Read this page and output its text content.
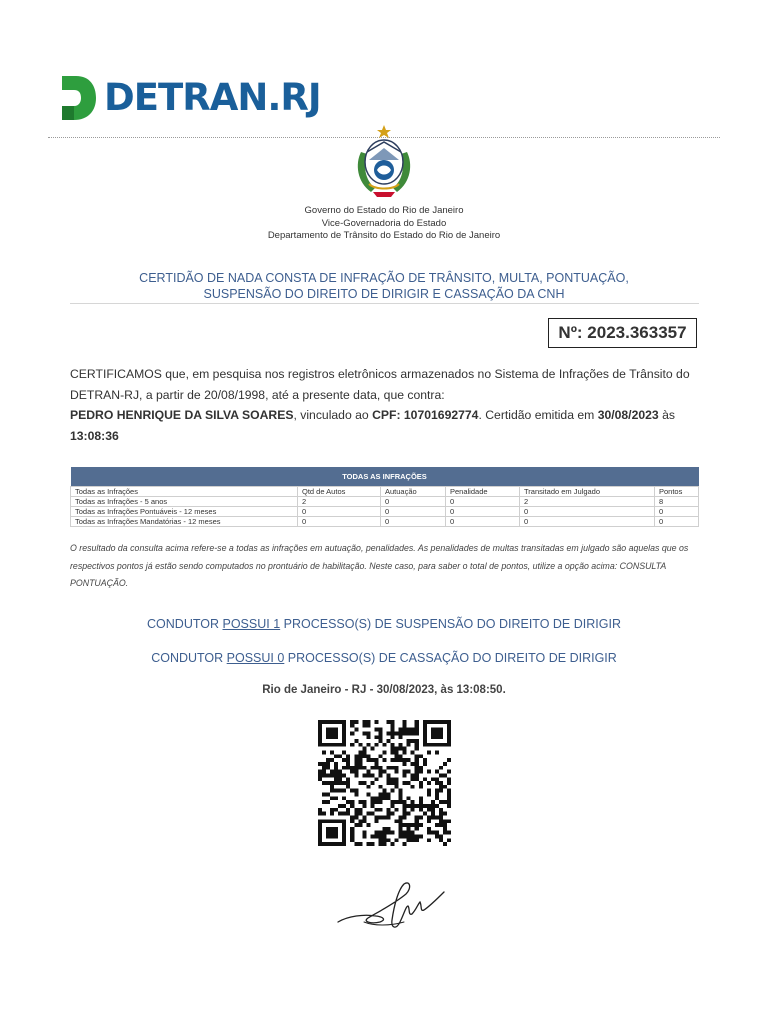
DETRAN.RJ
Governo do Estado do Rio de Janeiro
Vice-Governadoria do Estado
Departamento de Trânsito do Estado do Rio de Janeiro
CERTIDÃO DE NADA CONSTA DE INFRAÇÃO DE TRÂNSITO, MULTA, PONTUAÇÃO,
SUSPENSÃO DO DIREITO DE DIRIGIR E CASSAÇÃO DA CNH
Nº: 2023.363357
CERTIFICAMOS que, em pesquisa nos registros eletrônicos armazenados no Sistema de Infrações de Trânsito do DETRAN-RJ, a partir de 20/08/1998, até a presente data, que contra:
PEDRO HENRIQUE DA SILVA SOARES, vinculado ao CPF: 10701692774. Certidão emitida em 30/08/2023 às
13:08:36
TODAS AS INFRAÇÕES					
Todas as Infrações	Qtd de Autos	Autuação	Penalidade	Transitado em Julgado	Pontos
Todas as Infrações - 5 anos	2	0	0	2	8
Todas as Infrações Pontuáveis - 12 meses	0	0	0	0	0
Todas as Infrações Mandatórias - 12 meses	0	0	0	0	0
O resultado da consulta acima refere-se a todas as infrações em autuação, penalidades. As penalidades de multas transitadas em julgado são aquelas que os respectivos pontos já estão sendo computados no prontuário de habilitação. Neste caso, para saber o total de pontos, utilize a opção acima: CONSULTA PONTUAÇÃO.
CONDUTOR POSSUI 1 PROCESSO(S) DE SUSPENSÃO DO DIREITO DE DIRIGIR
CONDUTOR POSSUI 0 PROCESSO(S) DE CASSAÇÃO DO DIREITO DE DIRIGIR
Rio de Janeiro - RJ - 30/08/2023, às 13:08:50.
